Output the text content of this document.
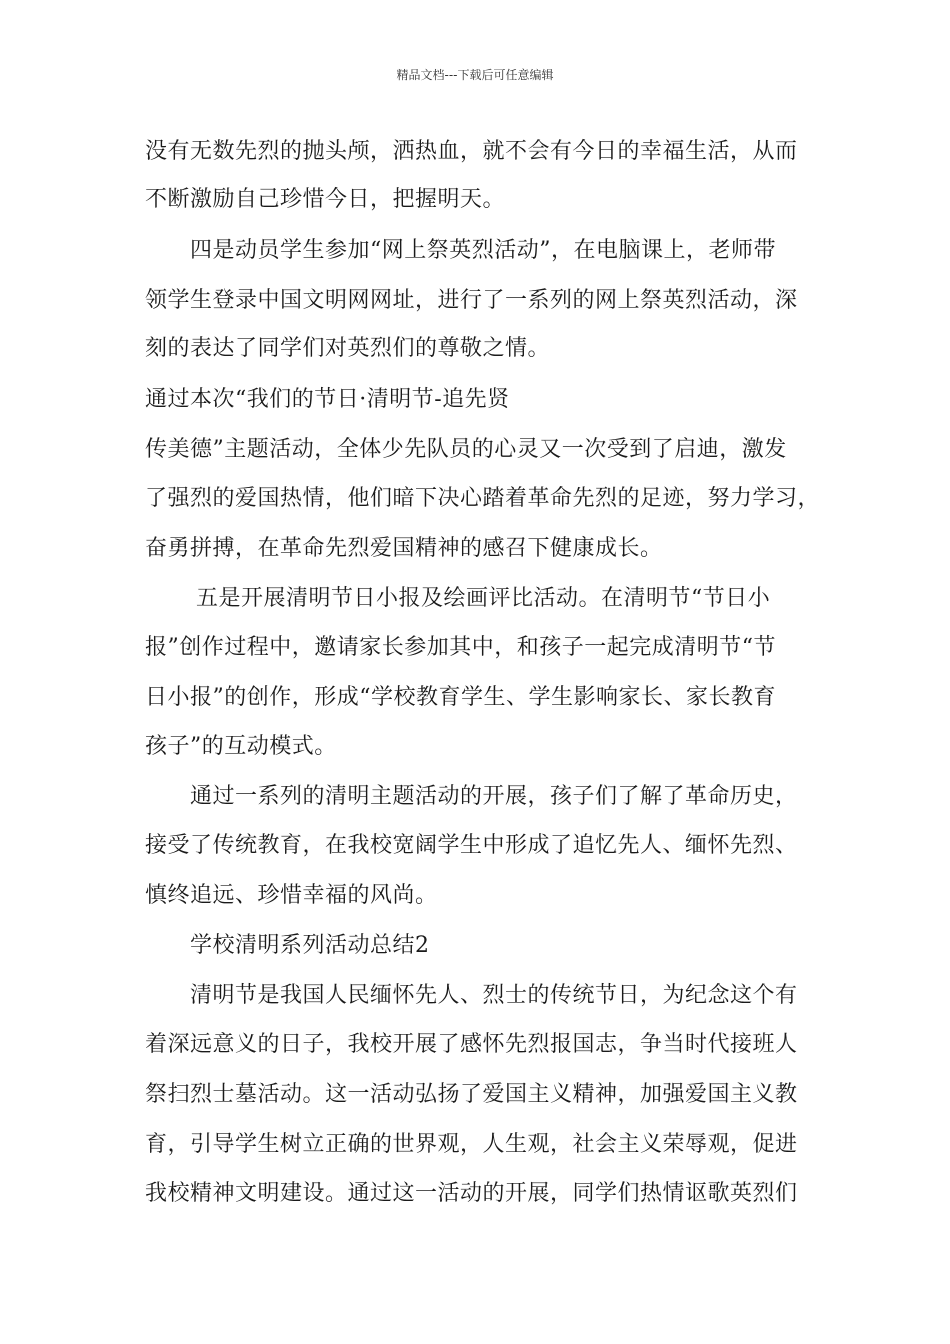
精品文档---下载后可任意编辑
没有无数先烈的抛头颅，洒热血，就不会有今日的幸福生活，从而
不断激励自己珍惜今日，把握明天。
四是动员学生参加“网上祭英烈活动”，在电脑课上，老师带
领学生登录中国文明网网址，进行了一系列的网上祭英烈活动，深
刻的表达了同学们对英烈们的尊敬之情。
通过本次“我们的节日·清明节-追先贤
传美德”主题活动，全体少先队员的心灵又一次受到了启迪，激发
了强烈的爱国热情，他们暗下决心踏着革命先烈的足迹，努力学习，
奋勇拼搏，在革命先烈爱国精神的感召下健康成长。
五是开展清明节日小报及绘画评比活动。在清明节“节日小
报”创作过程中，邀请家长参加其中，和孩子一起完成清明节“节
日小报”的创作，形成“学校教育学生、学生影响家长、家长教育
孩子”的互动模式。
通过一系列的清明主题活动的开展，孩子们了解了革命历史，
接受了传统教育，在我校宽阔学生中形成了追忆先人、缅怀先烈、
慎终追远、珍惜幸福的风尚。
学校清明系列活动总结2
清明节是我国人民缅怀先人、烈士的传统节日，为纪念这个有
着深远意义的日子，我校开展了感怀先烈报国志，争当时代接班人
祭扫烈士墓活动。这一活动弘扬了爱国主义精神，加强爱国主义教
育，引导学生树立正确的世界观，人生观，社会主义荣辱观，促进
我校精神文明建设。通过这一活动的开展，同学们热情讴歌英烈们
